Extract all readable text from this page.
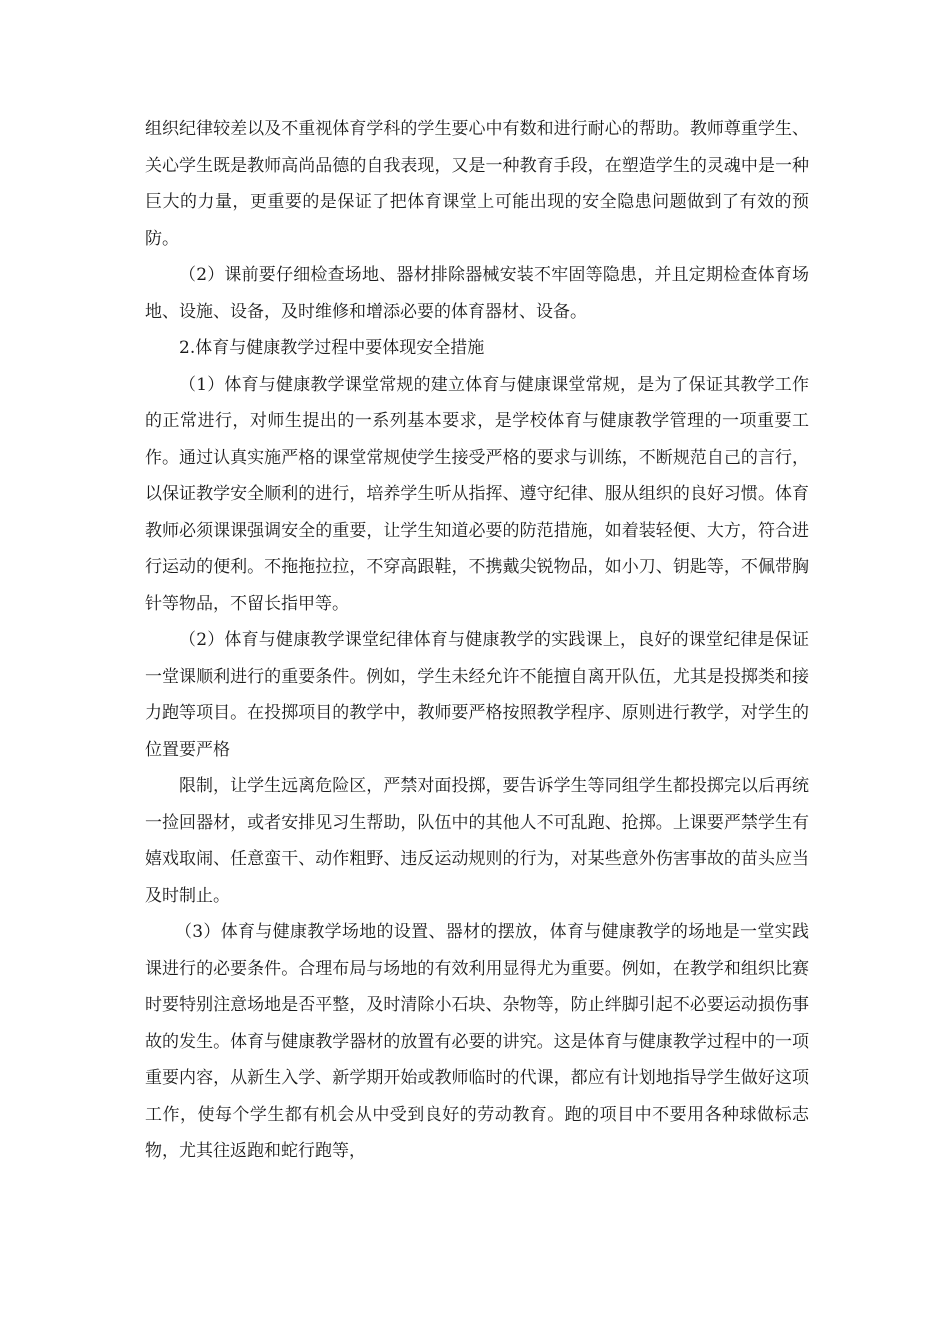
组织纪律较差以及不重视体育学科的学生要心中有数和进行耐心的帮助。教师尊重学生、关心学生既是教师高尚品德的自我表现，又是一种教育手段，在塑造学生的灵魂中是一种巨大的力量，更重要的是保证了把体育课堂上可能出现的安全隐患问题做到了有效的预防。

（2）课前要仔细检查场地、器材排除器械安装不牢固等隐患，并且定期检查体育场地、设施、设备，及时维修和增添必要的体育器材、设备。

2.体育与健康教学过程中要体现安全措施

（1）体育与健康教学课堂常规的建立体育与健康课堂常规，是为了保证其教学工作的正常进行，对师生提出的一系列基本要求，是学校体育与健康教学管理的一项重要工作。通过认真实施严格的课堂常规使学生接受严格的要求与训练，不断规范自己的言行，以保证教学安全顺利的进行，培养学生听从指挥、遵守纪律、服从组织的良好习惯。体育教师必须课课强调安全的重要，让学生知道必要的防范措施，如着装轻便、大方，符合进行运动的便利。不拖拖拉拉，不穿高跟鞋，不携戴尖锐物品，如小刀、钥匙等，不佩带胸针等物品，不留长指甲等。

（2）体育与健康教学课堂纪律体育与健康教学的实践课上，良好的课堂纪律是保证一堂课顺利进行的重要条件。例如，学生未经允许不能擅自离开队伍，尤其是投掷类和接力跑等项目。在投掷项目的教学中，教师要严格按照教学程序、原则进行教学，对学生的位置要严格

限制，让学生远离危险区，严禁对面投掷，要告诉学生等同组学生都投掷完以后再统一捡回器材，或者安排见习生帮助，队伍中的其他人不可乱跑、抢掷。上课要严禁学生有嬉戏取闹、任意蛮干、动作粗野、违反运动规则的行为，对某些意外伤害事故的苗头应当及时制止。

（3）体育与健康教学场地的设置、器材的摆放，体育与健康教学的场地是一堂实践课进行的必要条件。合理布局与场地的有效利用显得尤为重要。例如，在教学和组织比赛时要特别注意场地是否平整，及时清除小石块、杂物等，防止绊脚引起不必要运动损伤事故的发生。体育与健康教学器材的放置有必要的讲究。这是体育与健康教学过程中的一项重要内容，从新生入学、新学期开始或教师临时的代课，都应有计划地指导学生做好这项工作，使每个学生都有机会从中受到良好的劳动教育。跑的项目中不要用各种球做标志物，尤其往返跑和蛇行跑等，
